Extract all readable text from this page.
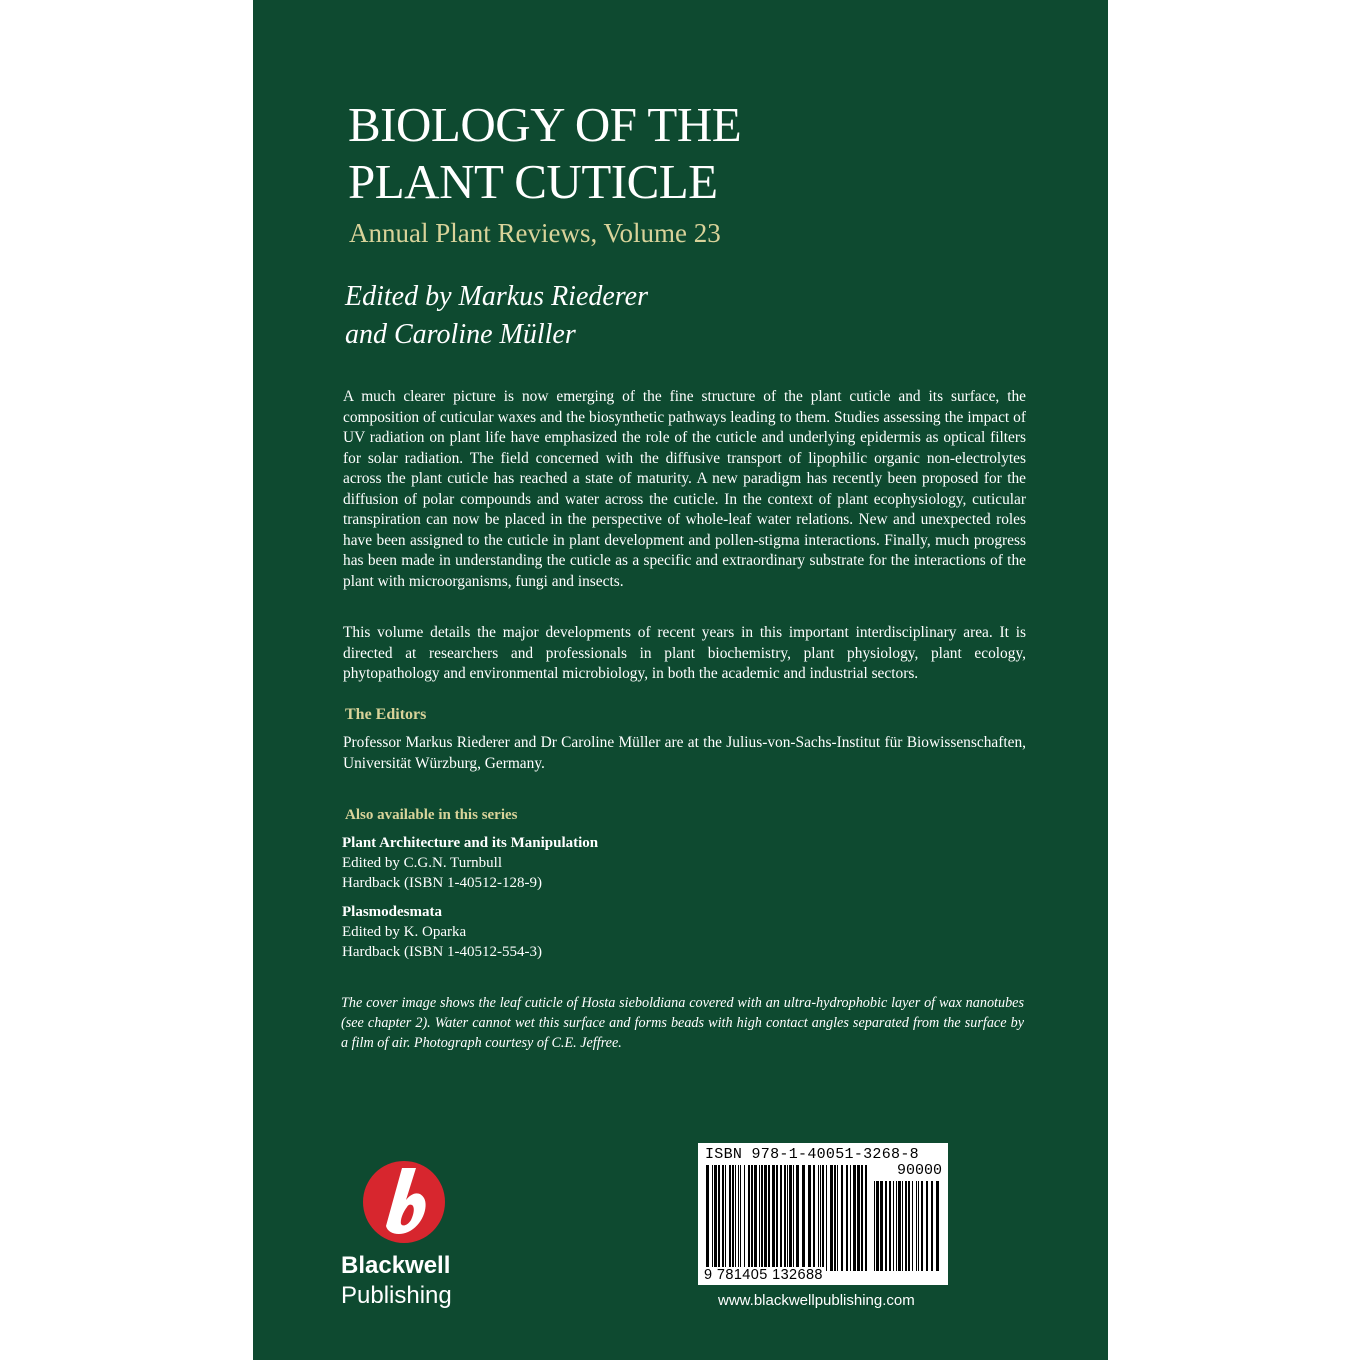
BIOLOGY OF THE
PLANT CUTICLE
Annual Plant Reviews, Volume 23
Edited by Markus Riederer
and Caroline Müller

A much clearer picture is now emerging of the fine structure of the plant cuticle and its surface, the composition of cuticular waxes and the biosynthetic pathways leading to them. Studies assessing the impact of UV radiation on plant life have emphasized the role of the cuticle and underlying epidermis as optical filters for solar radiation. The field concerned with the diffusive transport of lipophilic organic non-electrolytes across the plant cuticle has reached a state of maturity. A new paradigm has recently been proposed for the diffusion of polar compounds and water across the cuticle. In the context of plant ecophysiology, cuticular transpiration can now be placed in the perspective of whole-leaf water relations. New and unexpected roles have been assigned to the cuticle in plant development and pollen-stigma interactions. Finally, much progress has been made in understanding the cuticle as a specific and extraordinary substrate for the interactions of the plant with microorganisms, fungi and insects.

This volume details the major developments of recent years in this important interdisciplinary area. It is directed at researchers and professionals in plant biochemistry, plant physiology, plant ecology, phytopathology and environmental microbiology, in both the academic and industrial sectors.

The Editors

Professor Markus Riederer and Dr Caroline Müller are at the Julius-von-Sachs-Institut für Biowissenschaften, Universität Würzburg, Germany.

Also available in this series
Plant Architecture and its Manipulation
Edited by C.G.N. Turnbull
Hardback (ISBN 1-40512-128-9)
Plasmodesmata
Edited by K. Oparka
Hardback (ISBN 1-40512-554-3)

The cover image shows the leaf cuticle of Hosta sieboldiana covered with an ultra-hydrophobic layer of wax nanotubes (see chapter 2). Water cannot wet this surface and forms beads with high contact angles separated from the surface by a film of air. Photograph courtesy of C.E. Jeffree.

Blackwell
Publishing
ISBN 978-1-40051-3268-8
90000
9 781405 132688
www.blackwellpublishing.com
